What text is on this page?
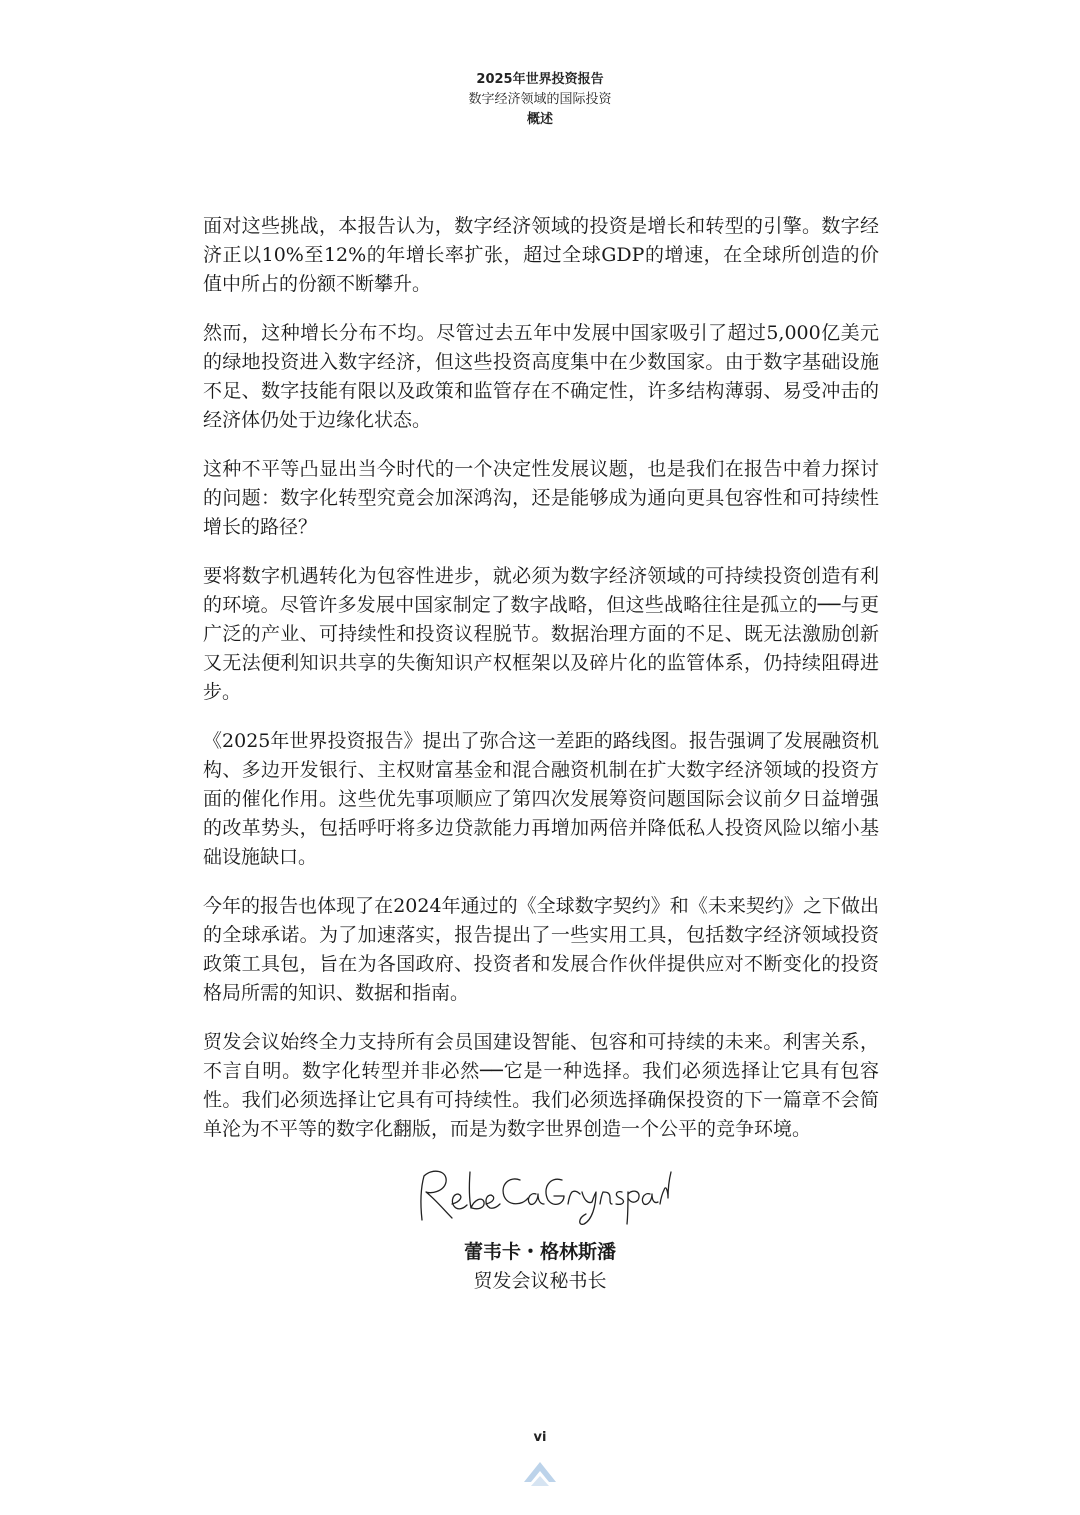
2025年世界投资报告
数字经济领域的国际投资
概述

面对这些挑战，本报告认为，数字经济领域的投资是增长和转型的引擎。数字经济正以10%至12%的年增长率扩张，超过全球GDP的增速，在全球所创造的价值中所占的份额不断攀升。

然而，这种增长分布不均。尽管过去五年中发展中国家吸引了超过5,000亿美元的绿地投资进入数字经济，但这些投资高度集中在少数国家。由于数字基础设施不足、数字技能有限以及政策和监管存在不确定性，许多结构薄弱、易受冲击的经济体仍处于边缘化状态。

这种不平等凸显出当今时代的一个决定性发展议题，也是我们在报告中着力探讨的问题：数字化转型究竟会加深鸿沟，还是能够成为通向更具包容性和可持续性增长的路径？

要将数字机遇转化为包容性进步，就必须为数字经济领域的可持续投资创造有利的环境。尽管许多发展中国家制定了数字战略，但这些战略往往是孤立的──与更广泛的产业、可持续性和投资议程脱节。数据治理方面的不足、既无法激励创新又无法便利知识共享的失衡知识产权框架以及碎片化的监管体系，仍持续阻碍进步。

《2025年世界投资报告》提出了弥合这一差距的路线图。报告强调了发展融资机构、多边开发银行、主权财富基金和混合融资机制在扩大数字经济领域的投资方面的催化作用。这些优先事项顺应了第四次发展筹资问题国际会议前夕日益增强的改革势头，包括呼吁将多边贷款能力再增加两倍并降低私人投资风险以缩小基础设施缺口。

今年的报告也体现了在2024年通过的《全球数字契约》和《未来契约》之下做出的全球承诺。为了加速落实，报告提出了一些实用工具，包括数字经济领域投资政策工具包，旨在为各国政府、投资者和发展合作伙伴提供应对不断变化的投资格局所需的知识、数据和指南。

贸发会议始终全力支持所有会员国建设智能、包容和可持续的未来。利害关系，不言自明。数字化转型并非必然──它是一种选择。我们必须选择让它具有包容性。我们必须选择让它具有可持续性。我们必须选择确保投资的下一篇章不会简单沦为不平等的数字化翻版，而是为数字世界创造一个公平的竞争环境。

蕾韦卡・格林斯潘
贸发会议秘书长
vi
